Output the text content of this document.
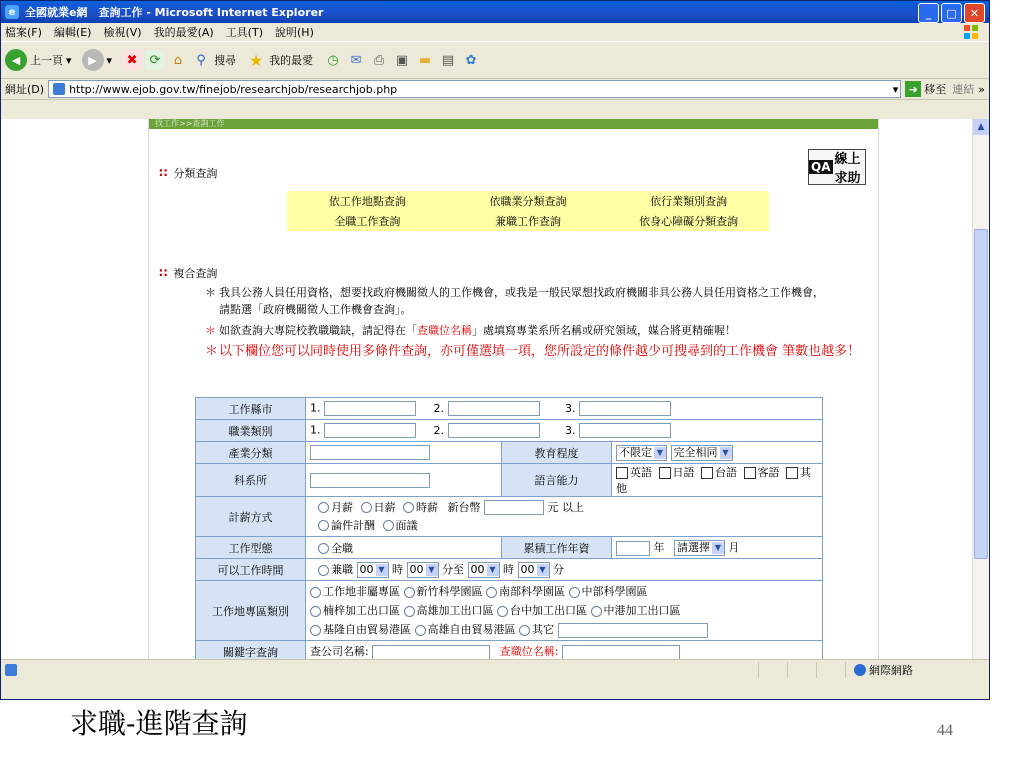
e 全國就業e網　查詢工作 - Microsoft Internet Explorer	_	□	✕
檔案(F) 編輯(E) 檢視(V) 我的最愛(A) 工具(T) 說明(H)
◀ 上一頁 ▾	▶ ▾	✖ ⟳	⌂	⚲ 搜尋 ★ 我的最愛	◷ ✉ ⎙ ▣ ▬ ▤ ✿
網址(D) http://www.ejob.gov.tw/finejob/researchjob/researchjob.php	▾ ➜ 移至 連結 »
找工作>>查詢工作
∷ 分類查詢	QA 線上求助
依工作地點查詢	依職業分類查詢	依行業類別查詢
全職工作查詢	兼職工作查詢	依身心障礙分類查詢
∷ 複合查詢
＊ 我具公務人員任用資格，想要找政府機關徵人的工作機會，或我是一般民眾想找政府機關非具公務人員任用資格之工作機會，
請點選「政府機關徵人工作機會查詢」。
＊ 如欲查詢大專院校教職職缺，請記得在「查職位名稱」處填寫專業系所名稱或研究領域，媒合將更精確喔！
＊ 以下欄位您可以同時使用多條件查詢，亦可僅選填一項，您所設定的條件越少可搜尋到的工作機會 筆數也越多！
工作縣市	1. 2. 3.		
職業類別	1. 2. 3.		
產業分類		教育程度	不限定 ▼ 完全相同 ▼
科系所		語言能力	英語 日語 台語 客語 其他
計薪方式	月薪 日薪 時薪 新台幣 元 以上
論件計酬 面議		

工作型態	全職	累積工作年資	年 請選擇 ▼ 月
可以工作時間	兼職 00 ▼ 時 00 ▼ 分至 00 ▼ 時 00 ▼ 分		
工作地專區類別	工作地非屬專區 新竹科學園區 南部科學園區 中部科學園區
楠梓加工出口區 高雄加工出口區 台中加工出口區 中港加工出口區
基隆自由貿易港區 高雄自由貿易港區 其它		

關鍵字查詢	查公司名稱: 查職位名稱:		
▲
網際網路
求職-進階查詢	44
